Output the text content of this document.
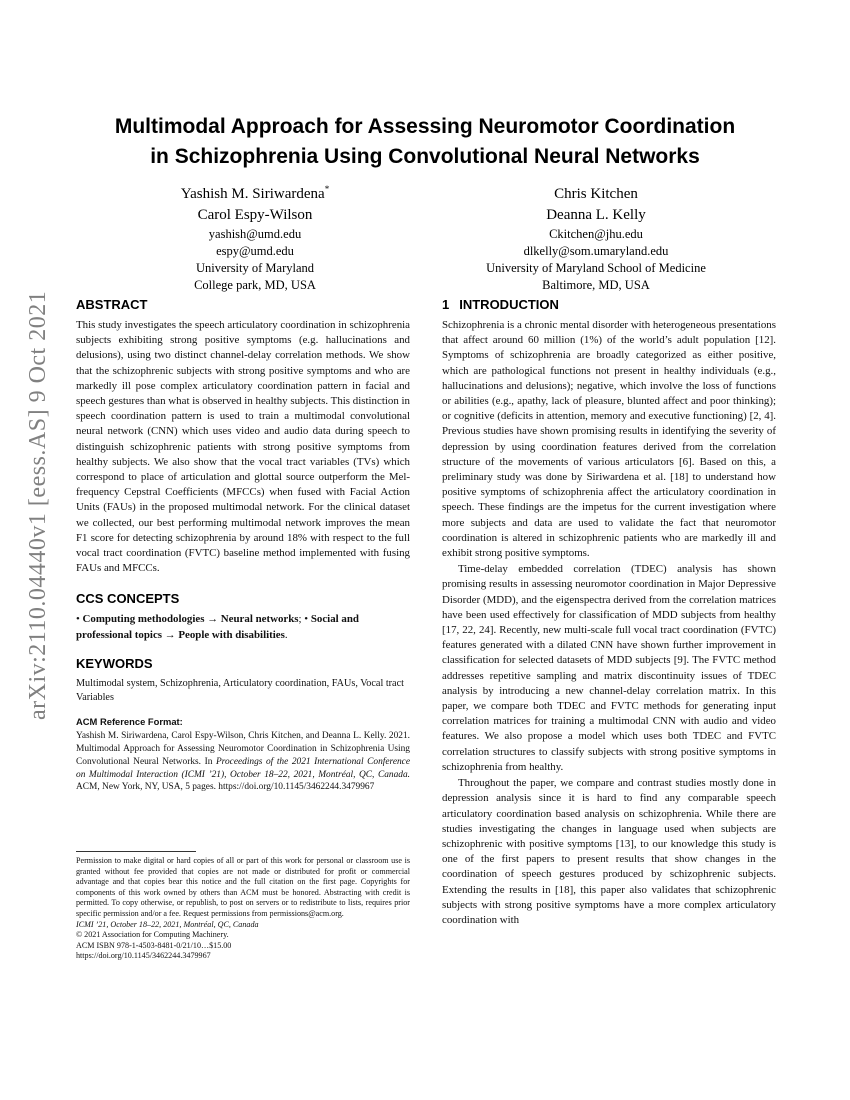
arXiv:2110.04440v1 [eess.AS] 9 Oct 2021
Multimodal Approach for Assessing Neuromotor Coordination
in Schizophrenia Using Convolutional Neural Networks
Yashish M. Siriwardena*
Carol Espy-Wilson
yashish@umd.edu
espy@umd.edu
University of Maryland
College park, MD, USA
Chris Kitchen
Deanna L. Kelly
Ckitchen@jhu.edu
dlkelly@som.umaryland.edu
University of Maryland School of Medicine
Baltimore, MD, USA
ABSTRACT

This study investigates the speech articulatory coordination in schizophrenia subjects exhibiting strong positive symptoms (e.g. hallucinations and delusions), using two distinct channel-delay correlation methods. We show that the schizophrenic subjects with strong positive symptoms and who are markedly ill pose complex articulatory coordination pattern in facial and speech gestures than what is observed in healthy subjects. This distinction in speech coordination pattern is used to train a multimodal convolutional neural network (CNN) which uses video and audio data during speech to distinguish schizophrenic patients with strong positive symptoms from healthy subjects. We also show that the vocal tract variables (TVs) which correspond to place of articulation and glottal source outperform the Mel-frequency Cepstral Coefficients (MFCCs) when fused with Facial Action Units (FAUs) in the proposed multimodal network. For the clinical dataset we collected, our best performing multimodal network improves the mean F1 score for detecting schizophrenia by around 18% with respect to the full vocal tract coordination (FVTC) baseline method implemented with fusing FAUs and MFCCs.

CCS CONCEPTS

• Computing methodologies → Neural networks; • Social and
professional topics → People with disabilities.

KEYWORDS

Multimodal system, Schizophrenia, Articulatory coordination, FAUs, Vocal tract Variables

ACM Reference Format:

Yashish M. Siriwardena, Carol Espy-Wilson, Chris Kitchen, and Deanna L. Kelly. 2021. Multimodal Approach for Assessing Neuromotor Coordination in Schizophrenia Using Convolutional Neural Networks. In Proceedings of the 2021 International Conference on Multimodal Interaction (ICMI ’21), October 18–22, 2021, Montréal, QC, Canada. ACM, New York, NY, USA, 5 pages. https://doi.org/10.1145/3462244.3479967

Permission to make digital or hard copies of all or part of this work for personal or classroom use is granted without fee provided that copies are not made or distributed for profit or commercial advantage and that copies bear this notice and the full citation on the first page. Copyrights for components of this work owned by others than ACM must be honored. Abstracting with credit is permitted. To copy otherwise, or republish, to post on servers or to redistribute to lists, requires prior specific permission and/or a fee. Request permissions from permissions@acm.org.

ICMI ’21, October 18–22, 2021, Montréal, QC, Canada

© 2021 Association for Computing Machinery.

ACM ISBN 978-1-4503-8481-0/21/10…$15.00

https://doi.org/10.1145/3462244.3479967

1 INTRODUCTION

Schizophrenia is a chronic mental disorder with heterogeneous presentations that affect around 60 million (1%) of the world’s adult population [12]. Symptoms of schizophrenia are broadly categorized as either positive, which are pathological functions not present in healthy individuals (e.g., hallucinations and delusions); negative, which involve the loss of functions or abilities (e.g., apathy, lack of pleasure, blunted affect and poor thinking); or cognitive (deficits in attention, memory and executive functioning) [2, 4]. Previous studies have shown promising results in identifying the severity of depression by using coordination features derived from the correlation structure of the movements of various articulators [6]. Based on this, a preliminary study was done by Siriwardena et al. [18] to understand how positive symptoms of schizophrenia affect the articulatory coordination in speech. These findings are the impetus for the current investigation where more subjects and data are used to validate the fact that neuromotor coordination is altered in schizophrenic patients who are markedly ill and exhibit strong positive symptoms.

Time-delay embedded correlation (TDEC) analysis has shown promising results in assessing neuromotor coordination in Major Depressive Disorder (MDD), and the eigenspectra derived from the correlation matrices have been used effectively for classification of MDD subjects from healthy [17, 22, 24]. Recently, new multi-scale full vocal tract coordination (FVTC) features generated with a dilated CNN have shown further improvement in classification for selected datasets of MDD subjects [9]. The FVTC method addresses repetitive sampling and matrix discontinuity issues of TDEC analysis by introducing a new channel-delay correlation matrix. In this paper, we compare both TDEC and FVTC methods for generating input correlation matrices for training a multimodal CNN with audio and video features. We also propose a model which uses both TDEC and FVTC correlation structures to classify subjects with strong positive symptoms in schizophrenia from healthy.

Throughout the paper, we compare and contrast studies mostly done in depression analysis since it is hard to find any comparable speech articulatory coordination based analysis on schizophrenia. While there are studies investigating the changes in language used when subjects are schizophrenic with positive symptoms [13], to our knowledge this study is one of the first papers to present results that show changes in the coordination of speech gestures produced by schizophrenic subjects. Extending the results in [18], this paper also validates that schizophrenic subjects with strong positive symptoms have a more complex articulatory coordination with
